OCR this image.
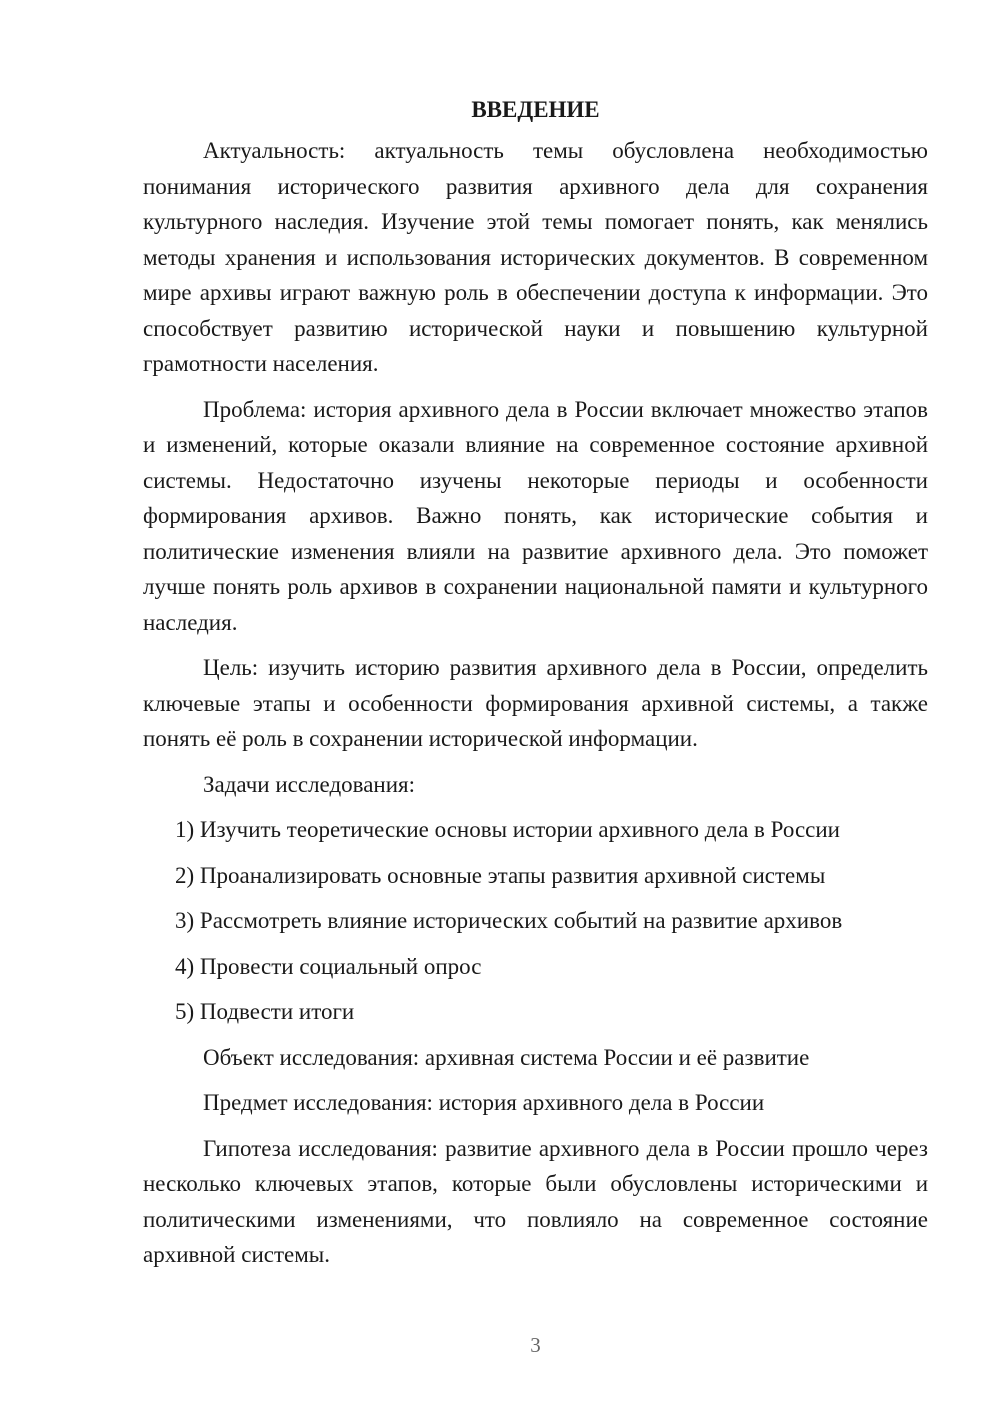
ВВЕДЕНИЕ

Актуальность: актуальность темы обусловлена необходимостью понимания исторического развития архивного дела для сохранения культурного наследия. Изучение этой темы помогает понять, как менялись методы хранения и использования исторических документов. В современном мире архивы играют важную роль в обеспечении доступа к информации. Это способствует развитию исторической науки и повышению культурной грамотности населения.

Проблема: история архивного дела в России включает множество этапов и изменений, которые оказали влияние на современное состояние архивной системы. Недостаточно изучены некоторые периоды и особенности формирования архивов. Важно понять, как исторические события и политические изменения влияли на развитие архивного дела. Это поможет лучше понять роль архивов в сохранении национальной памяти и культурного наследия.

Цель: изучить историю развития архивного дела в России, определить ключевые этапы и особенности формирования архивной системы, а также понять её роль в сохранении исторической информации.

Задачи исследования:

1) Изучить теоретические основы истории архивного дела в России
2) Проанализировать основные этапы развития архивной системы
3) Рассмотреть влияние исторических событий на развитие архивов
4) Провести социальный опрос
5) Подвести итоги

Объект исследования: архивная система России и её развитие

Предмет исследования: история архивного дела в России

Гипотеза исследования: развитие архивного дела в России прошло через несколько ключевых этапов, которые были обусловлены историческими и политическими изменениями, что повлияло на современное состояние архивной системы.

3
